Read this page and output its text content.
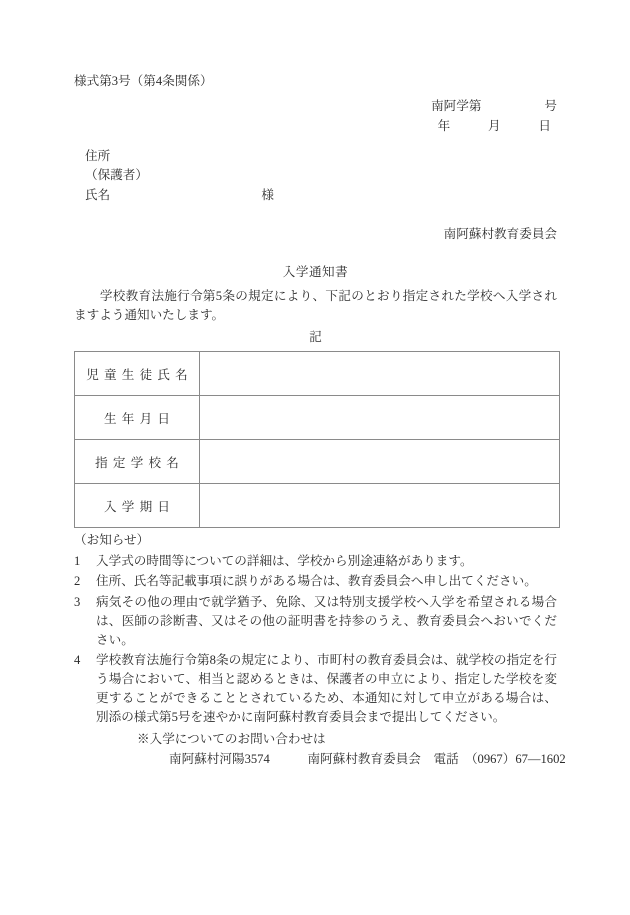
様式第3号（第4条関係）
南阿学第　　　　　号
年　　　月　　　日
住所
（保護者）
氏名　　　　　　　　　　　　様
南阿蘇村教育委員会
入学通知書
　学校教育法施行令第5条の規定により、下記のとおり指定された学校へ入学されますよう通知いたします。
記
児童生徒氏名	
生年月日	
指定学校名	
入学期日	
（お知らせ）
1	入学式の時間等についての詳細は、学校から別途連絡があります。
2	住所、氏名等記載事項に誤りがある場合は、教育委員会へ申し出てください。
3	病気その他の理由で就学猶予、免除、又は特別支援学校へ入学を希望される場合は、医師の診断書、又はその他の証明書を持参のうえ、教育委員会へおいでください。
4	学校教育法施行令第8条の規定により、市町村の教育委員会は、就学校の指定を行う場合において、相当と認めるときは、保護者の申立により、指定した学校を変更することができることとされているため、本通知に対して申立がある場合は、別添の様式第5号を速やかに南阿蘇村教育委員会まで提出してください。
※入学についてのお問い合わせは
南阿蘇村河陽3574　　　南阿蘇村教育委員会　電話　（0967）67—1602
